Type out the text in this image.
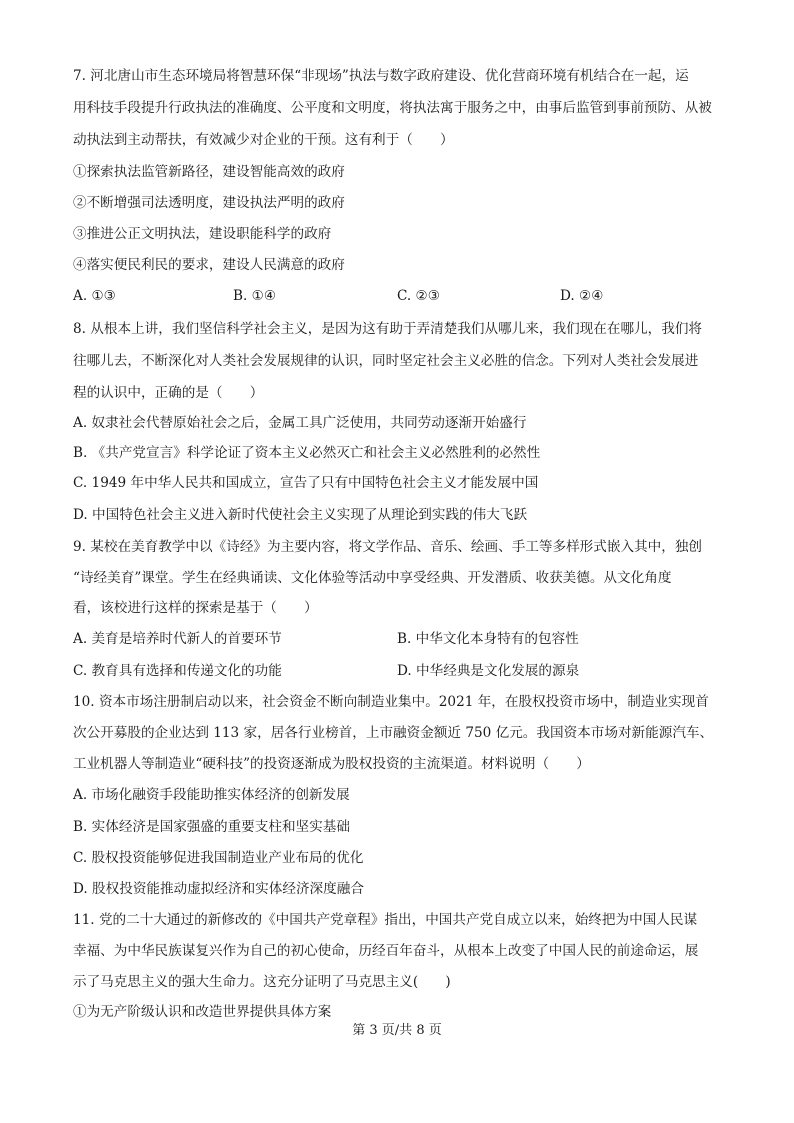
7. 河北唐山市生态环境局将智慧环保“非现场”执法与数字政府建设、优化营商环境有机结合在一起，运
用科技手段提升行政执法的准确度、公平度和文明度，将执法寓于服务之中，由事后监管到事前预防、从被
动执法到主动帮扶，有效减少对企业的干预。这有利于（　　）
①探索执法监管新路径，建设智能高效的政府
②不断增强司法透明度，建设执法严明的政府
③推进公正文明执法，建设职能科学的政府
④落实便民利民的要求，建设人民满意的政府
A. ①③	B. ①④	C. ②③	D. ②④
8. 从根本上讲，我们坚信科学社会主义，是因为这有助于弄清楚我们从哪儿来，我们现在在哪儿，我们将
往哪儿去，不断深化对人类社会发展规律的认识，同时坚定社会主义必胜的信念。下列对人类社会发展进
程的认识中，正确的是（　　）
A. 奴隶社会代替原始社会之后，金属工具广泛使用，共同劳动逐渐开始盛行
B. 《共产党宣言》科学论证了资本主义必然灭亡和社会主义必然胜利的必然性
C. 1949 年中华人民共和国成立，宣告了只有中国特色社会主义才能发展中国
D. 中国特色社会主义进入新时代使社会主义实现了从理论到实践的伟大飞跃
9. 某校在美育教学中以《诗经》为主要内容，将文学作品、音乐、绘画、手工等多样形式嵌入其中，独创
“诗经美育”课堂。学生在经典诵读、文化体验等活动中享受经典、开发潜质、收获美德。从文化角度
看，该校进行这样的探索是基于（　　）
A. 美育是培养时代新人的首要环节	B. 中华文化本身特有的包容性
C. 教育具有选择和传递文化的功能	D. 中华经典是文化发展的源泉
10. 资本市场注册制启动以来，社会资金不断向制造业集中。2021 年，在股权投资市场中，制造业实现首
次公开募股的企业达到 113 家，居各行业榜首，上市融资金额近 750 亿元。我国资本市场对新能源汽车、
工业机器人等制造业“硬科技”的投资逐渐成为股权投资的主流渠道。材料说明（　　）
A. 市场化融资手段能助推实体经济的创新发展
B. 实体经济是国家强盛的重要支柱和坚实基础
C. 股权投资能够促进我国制造业产业布局的优化
D. 股权投资能推动虚拟经济和实体经济深度融合
11. 党的二十大通过的新修改的《中国共产党章程》指出，中国共产党自成立以来，始终把为中国人民谋
幸福、为中华民族谋复兴作为自己的初心使命，历经百年奋斗，从根本上改变了中国人民的前途命运，展
示了马克思主义的强大生命力。这充分证明了马克思主义(　　)
①为无产阶级认识和改造世界提供具体方案
第 3 页/共 8 页
